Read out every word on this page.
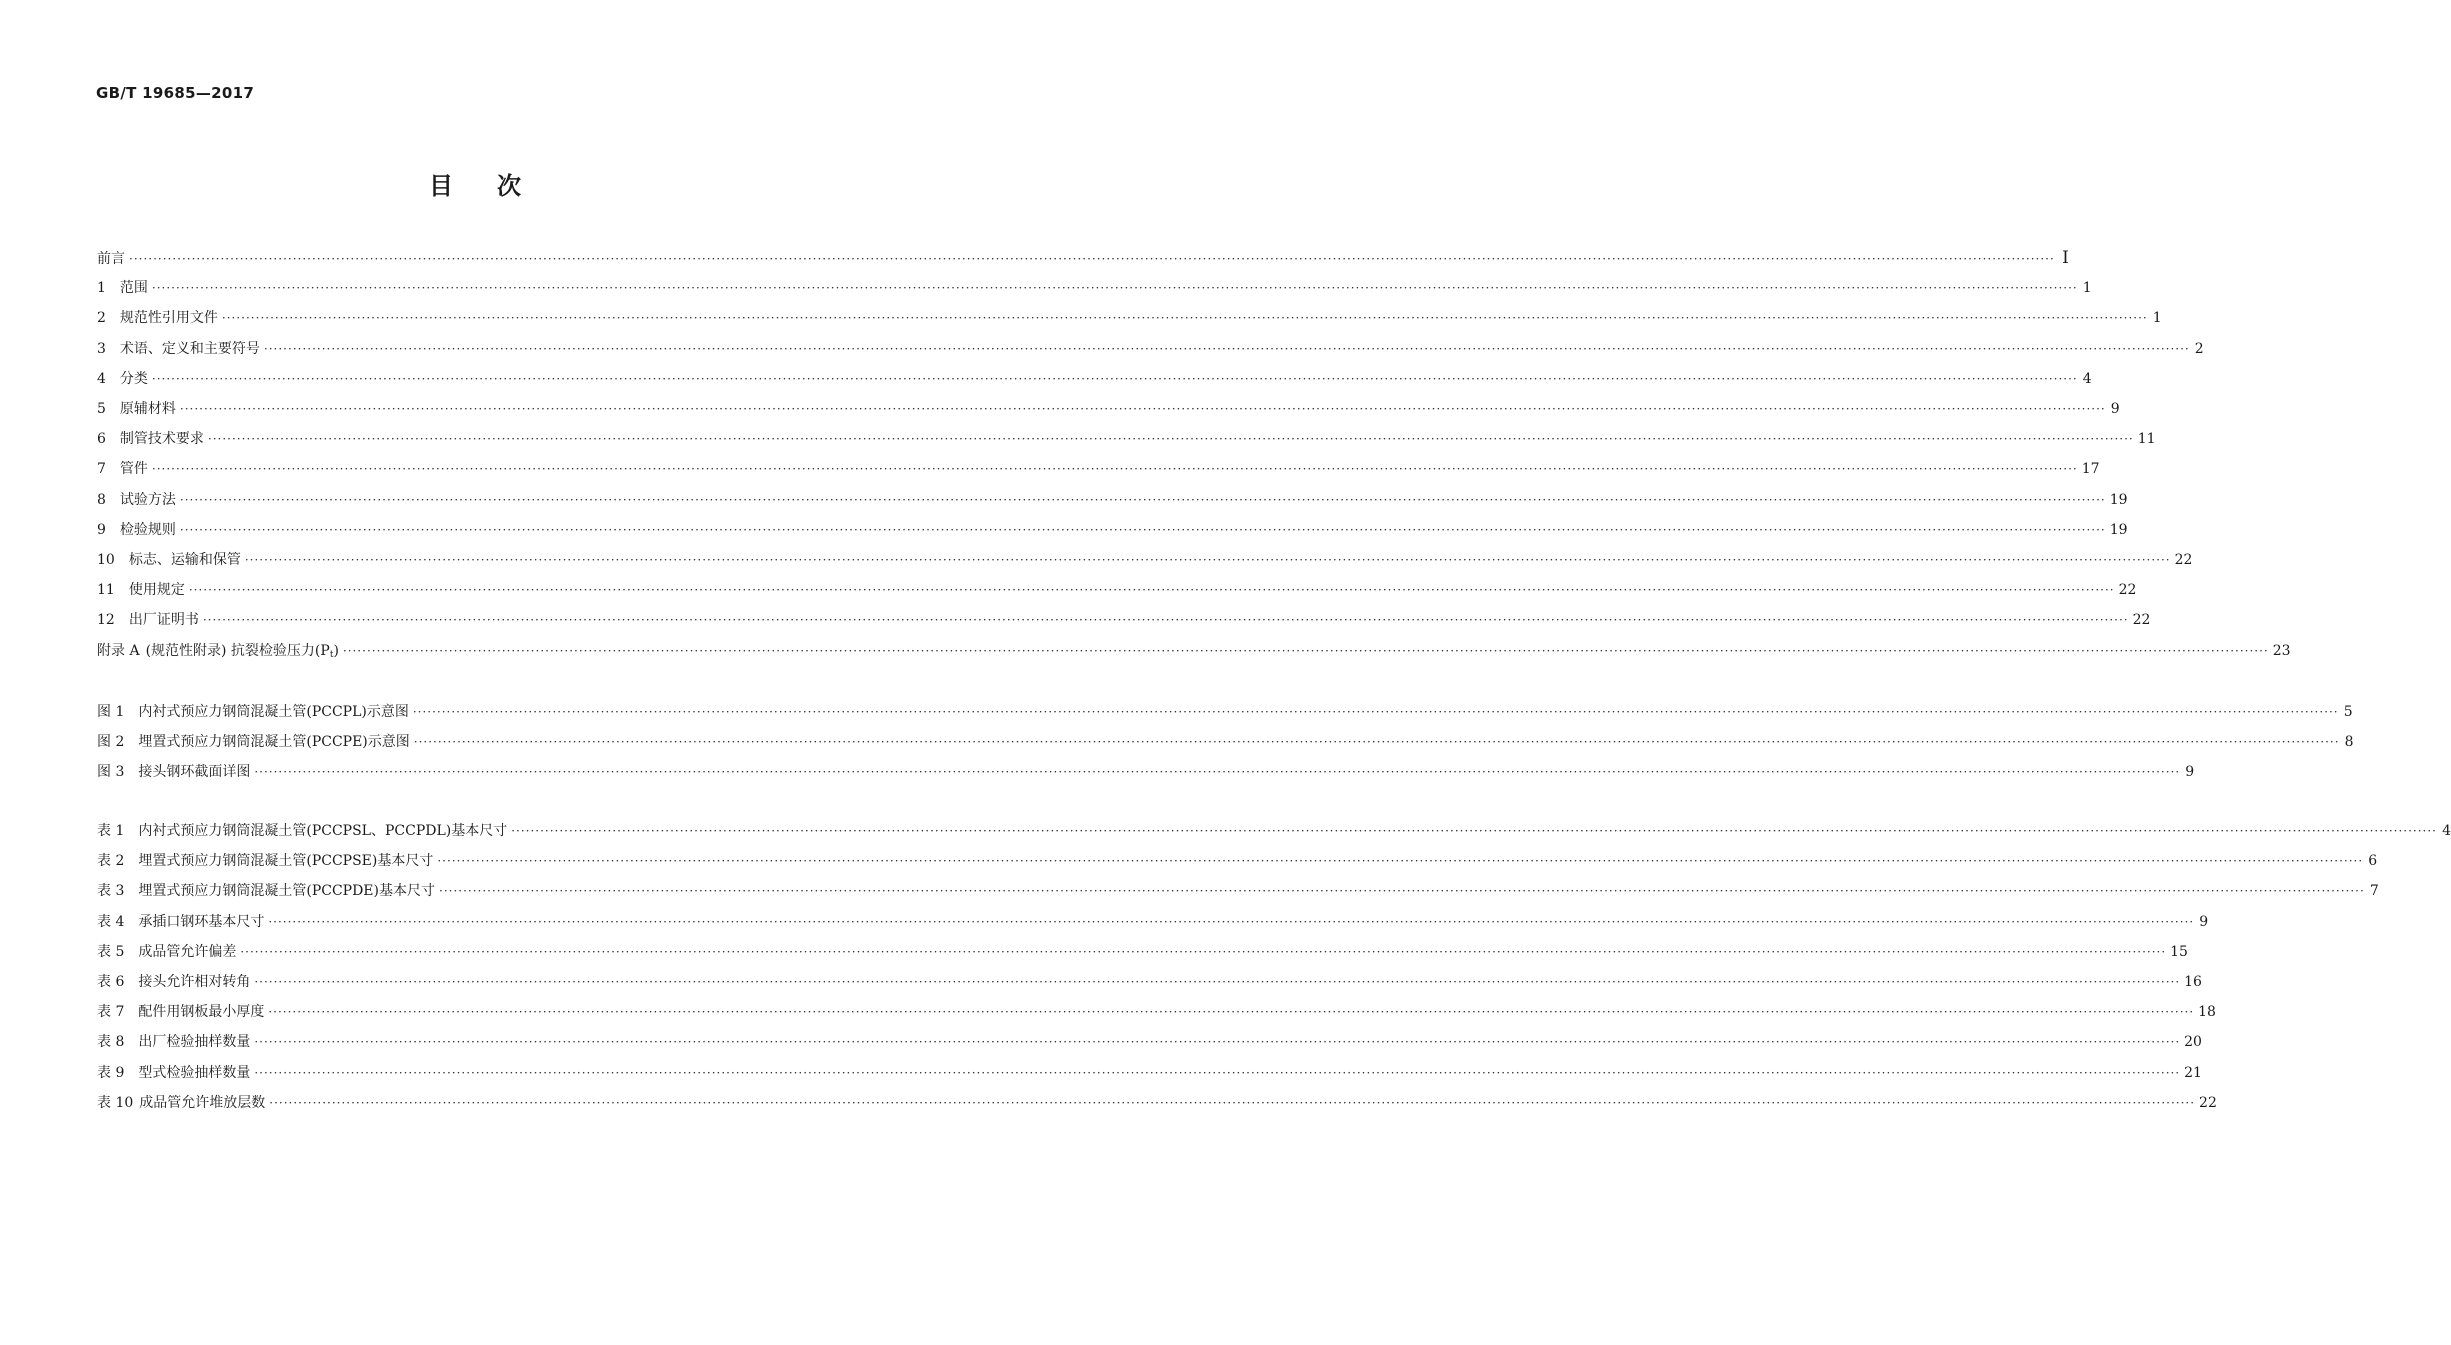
GB/T 19685—2017
目 次
前言 ················································································································································································································································································································································································································ I
1 范围 ················································································································································································································································································································································································································ 1
2 规范性引用文件 ················································································································································································································································································································································································································ 1
3 术语、定义和主要符号 ················································································································································································································································································································································································································ 2
4 分类 ················································································································································································································································································································································································································ 4
5 原辅材料 ················································································································································································································································································································································································································ 9
6 制管技术要求 ················································································································································································································································································································································································································ 11
7 管件 ················································································································································································································································································································································································································ 17
8 试验方法 ················································································································································································································································································································································································································ 19
9 检验规则 ················································································································································································································································································································································································································ 19
10 标志、运输和保管 ················································································································································································································································································································································································································ 22
11 使用规定 ················································································································································································································································································································································································································ 22
12 出厂证明书 ················································································································································································································································································································································································································ 22
附录 A (规范性附录) 抗裂检验压力$(P_t)$ ················································································································································································································································································································································································································ 23
图 1 内衬式预应力钢筒混凝土管(PCCPL)示意图 ················································································································································································································································································································································································································ 5
图 2 埋置式预应力钢筒混凝土管(PCCPE)示意图 ················································································································································································································································································································································································································ 8
图 3 接头钢环截面详图 ················································································································································································································································································································································································································ 9
表 1 内衬式预应力钢筒混凝土管(PCCPSL、PCCPDL)基本尺寸 ················································································································································································································································································································································································································ 4
表 2 埋置式预应力钢筒混凝土管(PCCPSE)基本尺寸 ················································································································································································································································································································································································································ 6
表 3 埋置式预应力钢筒混凝土管(PCCPDE)基本尺寸 ················································································································································································································································································································································································································ 7
表 4 承插口钢环基本尺寸 ················································································································································································································································································································································································································ 9
表 5 成品管允许偏差 ················································································································································································································································································································································································································ 15
表 6 接头允许相对转角 ················································································································································································································································································································································································································ 16
表 7 配件用钢板最小厚度 ················································································································································································································································································································································································································ 18
表 8 出厂检验抽样数量 ················································································································································································································································································································································································································ 20
表 9 型式检验抽样数量 ················································································································································································································································································································································································································ 21
表 10 成品管允许堆放层数 ················································································································································································································································································································································································································ 22
